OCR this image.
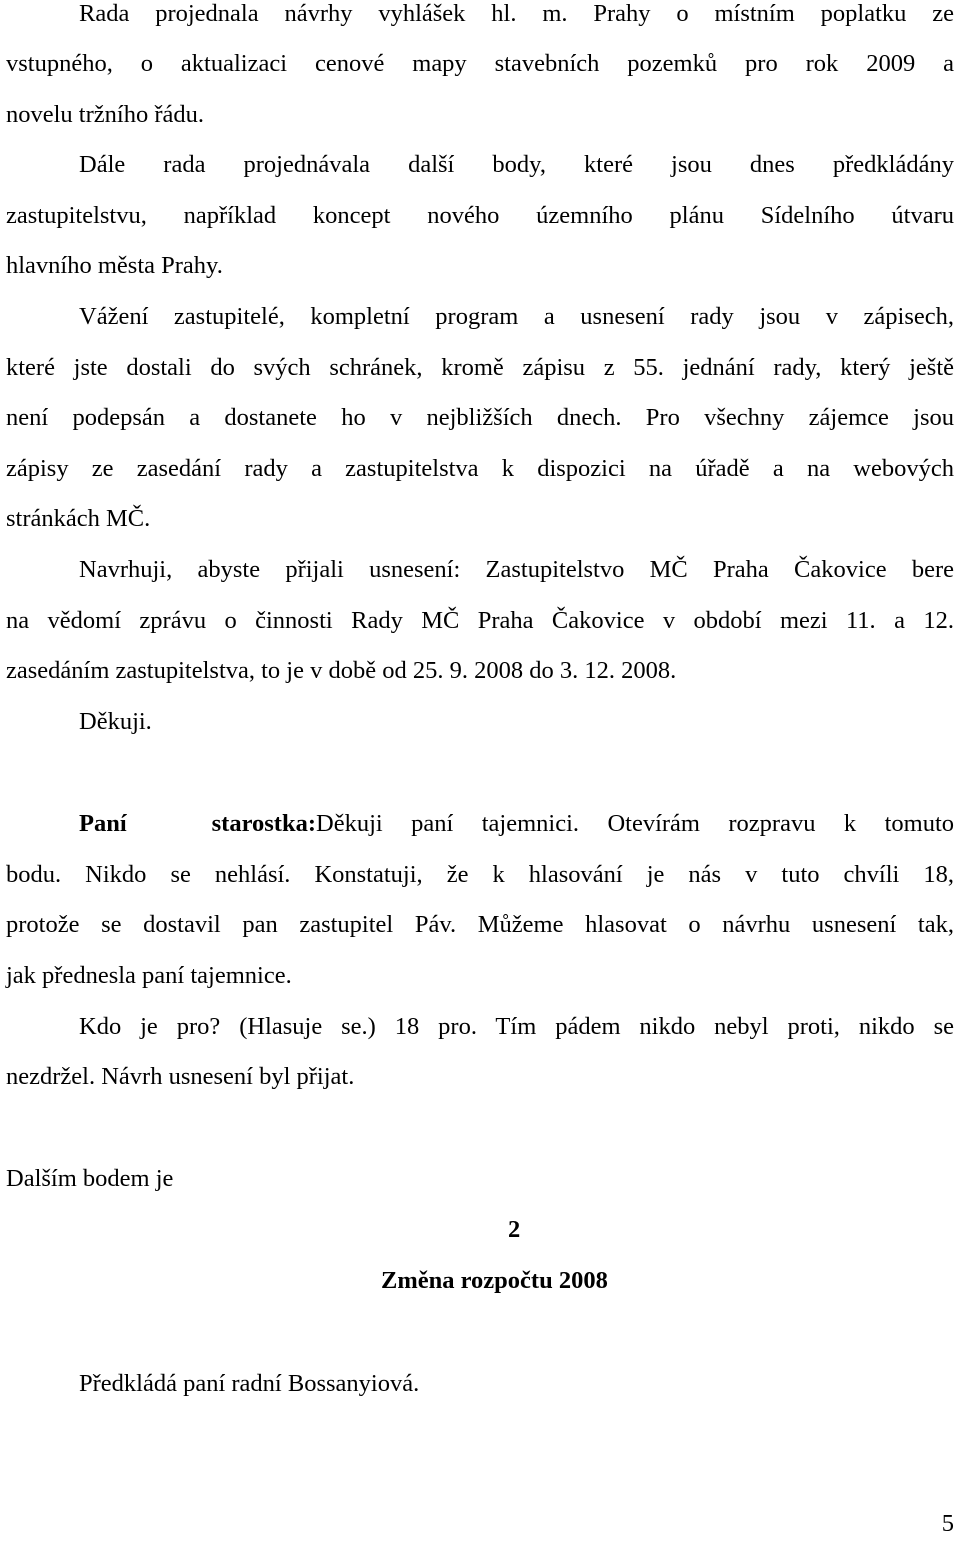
Rada projednala návrhy vyhlášek hl. m. Prahy o místním poplatku ze
vstupného, o aktualizaci cenové mapy stavebních pozemků pro rok 2009 a
novelu tržního řádu.
Dále rada projednávala další body, které jsou dnes předkládány
zastupitelstvu, například koncept nového územního plánu Sídelního útvaru
hlavního města Prahy.
Vážení zastupitelé, kompletní program a usnesení rady jsou v zápisech,
které jste dostali do svých schránek, kromě zápisu z 55. jednání rady, který ještě
není podepsán a dostanete ho v nejbližších dnech. Pro všechny zájemce jsou
zápisy ze zasedání rady a zastupitelstva k dispozici na úřadě a na webových
stránkách MČ.
Navrhuji, abyste přijali usnesení: Zastupitelstvo MČ Praha Čakovice bere
na vědomí zprávu o činnosti Rady MČ Praha Čakovice v období mezi 11. a 12.
zasedáním zastupitelstva, to je v době od 25. 9. 2008 do 3. 12. 2008.
Děkuji.
Paní starostka:Děkuji paní tajemnici. Otevírám rozpravu k tomuto
bodu. Nikdo se nehlásí. Konstatuji, že k hlasování je nás v tuto chvíli 18,
protože se dostavil pan zastupitel Páv. Můžeme hlasovat o návrhu usnesení tak,
jak přednesla paní tajemnice.
Kdo je pro? (Hlasuje se.) 18 pro. Tím pádem nikdo nebyl proti, nikdo se
nezdržel. Návrh usnesení byl přijat.
Dalším bodem je
2
Změna rozpočtu 2008
Předkládá paní radní Bossanyiová.
5
